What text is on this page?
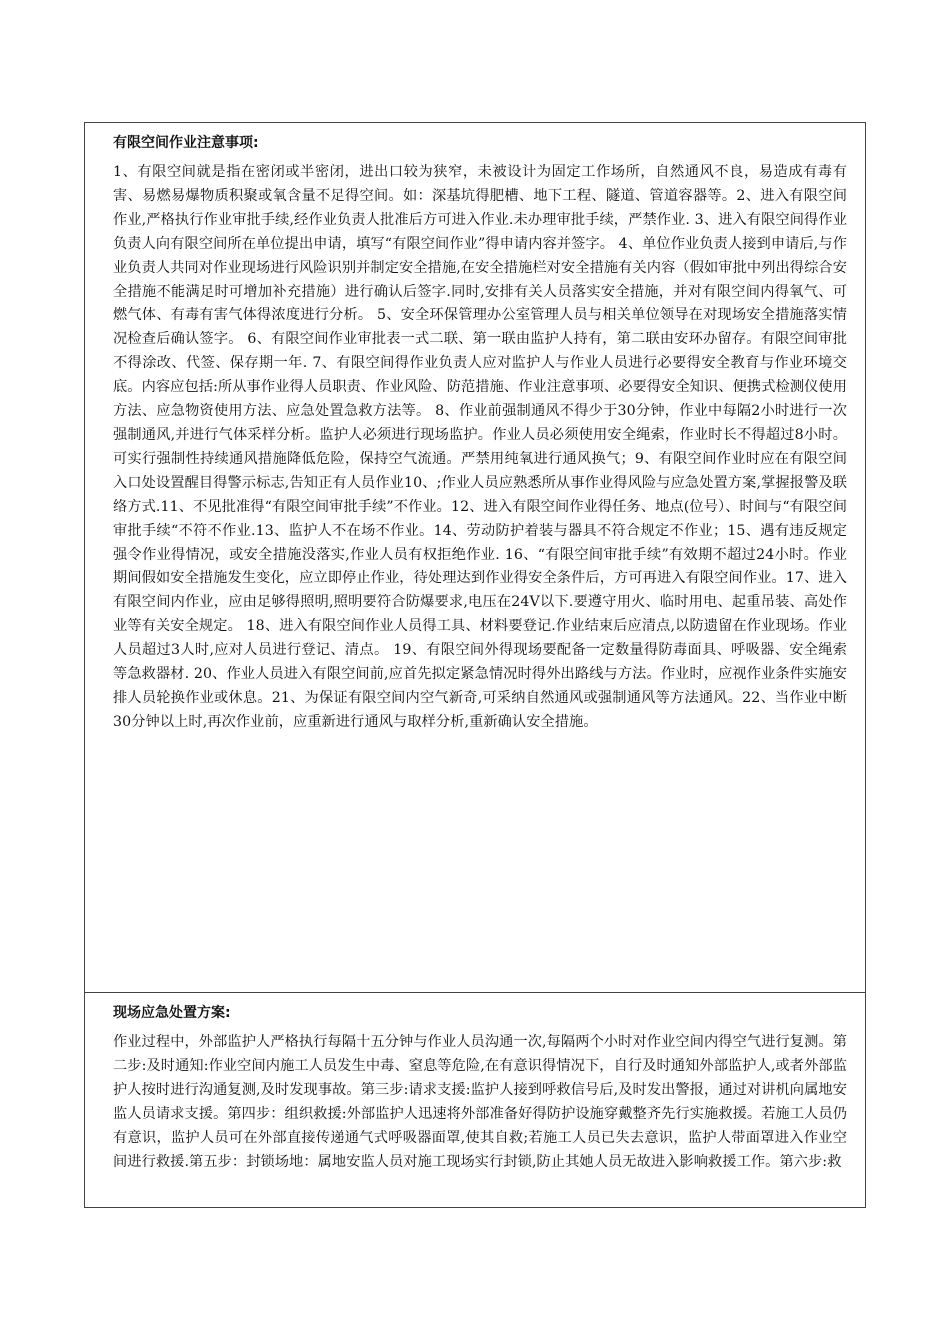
有限空间作业注意事项:

1、有限空间就是指在密闭或半密闭，进出口较为狭窄，未被设计为固定工作场所，自然通风不良，易造成有毒有害、易燃易爆物质积聚或氧含量不足得空间。如：深基坑得肥槽、地下工程、隧道、管道容器等。2、进入有限空间作业,严格执行作业审批手续,经作业负责人批准后方可进入作业.未办理审批手续，严禁作业. 3、进入有限空间得作业负责人向有限空间所在单位提出申请，填写“有限空间作业”得申请内容并签字。 4、单位作业负责人接到申请后,与作业负责人共同对作业现场进行风险识别并制定安全措施,在安全措施栏对安全措施有关内容（假如审批中列出得综合安全措施不能满足时可增加补充措施）进行确认后签字.同时,安排有关人员落实安全措施，并对有限空间内得氧气、可燃气体、有毒有害气体得浓度进行分析。 5、安全环保管理办公室管理人员与相关单位领导在对现场安全措施落实情况检查后确认签字。 6、有限空间作业审批表一式二联、第一联由监护人持有，第二联由安环办留存。有限空间审批不得涂改、代签、保存期一年. 7、有限空间得作业负责人应对监护人与作业人员进行必要得安全教育与作业环境交底。内容应包括:所从事作业得人员职责、作业风险、防范措施、作业注意事项、必要得安全知识、便携式检测仪使用方法、应急物资使用方法、应急处置急救方法等。 8、作业前强制通风不得少于30分钟，作业中每隔2小时进行一次强制通风,并进行气体采样分析。监护人必须进行现场监护。作业人员必须使用安全绳索，作业时长不得超过8小时。可实行强制性持续通风措施降低危险，保持空气流通。严禁用纯氧进行通风换气；9、有限空间作业时应在有限空间入口处设置醒目得警示标志,告知正有人员作业10、;作业人员应熟悉所从事作业得风险与应急处置方案,掌握报警及联络方式.11、不见批准得“有限空间审批手续”不作业。12、进入有限空间作业得任务、地点(位号）、时间与“有限空间审批手续“不符不作业.13、监护人不在场不作业。14、劳动防护着装与器具不符合规定不作业；15、遇有违反规定强令作业得情况，或安全措施没落实,作业人员有权拒绝作业. 16、“有限空间审批手续”有效期不超过24小时。作业期间假如安全措施发生变化，应立即停止作业，待处理达到作业得安全条件后，方可再进入有限空间作业。17、进入有限空间内作业，应由足够得照明,照明要符合防爆要求,电压在24V以下.要遵守用火、临时用电、起重吊装、高处作业等有关安全规定。 18、进入有限空间作业人员得工具、材料要登记.作业结束后应清点,以防遗留在作业现场。作业人员超过3人时,应对人员进行登记、清点。 19、有限空间外得现场要配备一定数量得防毒面具、呼吸器、安全绳索等急救器材. 20、作业人员进入有限空间前,应首先拟定紧急情况时得外出路线与方法。作业时，应视作业条件实施安排人员轮换作业或休息。21、为保证有限空间内空气新奇,可采纳自然通风或强制通风等方法通风。22、当作业中断30分钟以上时,再次作业前，应重新进行通风与取样分析,重新确认安全措施。

现场应急处置方案:

作业过程中，外部监护人严格执行每隔十五分钟与作业人员沟通一次,每隔两个小时对作业空间内得空气进行复测。第二步:及时通知:作业空间内施工人员发生中毒、窒息等危险,在有意识得情况下，自行及时通知外部监护人,或者外部监护人按时进行沟通复测,及时发现事故。第三步:请求支援:监护人接到呼救信号后,及时发出警报，通过对讲机向属地安监人员请求支援。第四步：组织救援:外部监护人迅速将外部准备好得防护设施穿戴整齐先行实施救援。若施工人员仍有意识，监护人员可在外部直接传递通气式呼吸器面罩,使其自救;若施工人员已失去意识，监护人带面罩进入作业空间进行救援.第五步：封锁场地：属地安监人员对施工现场实行封锁,防止其她人员无故进入影响救援工作。第六步:救
